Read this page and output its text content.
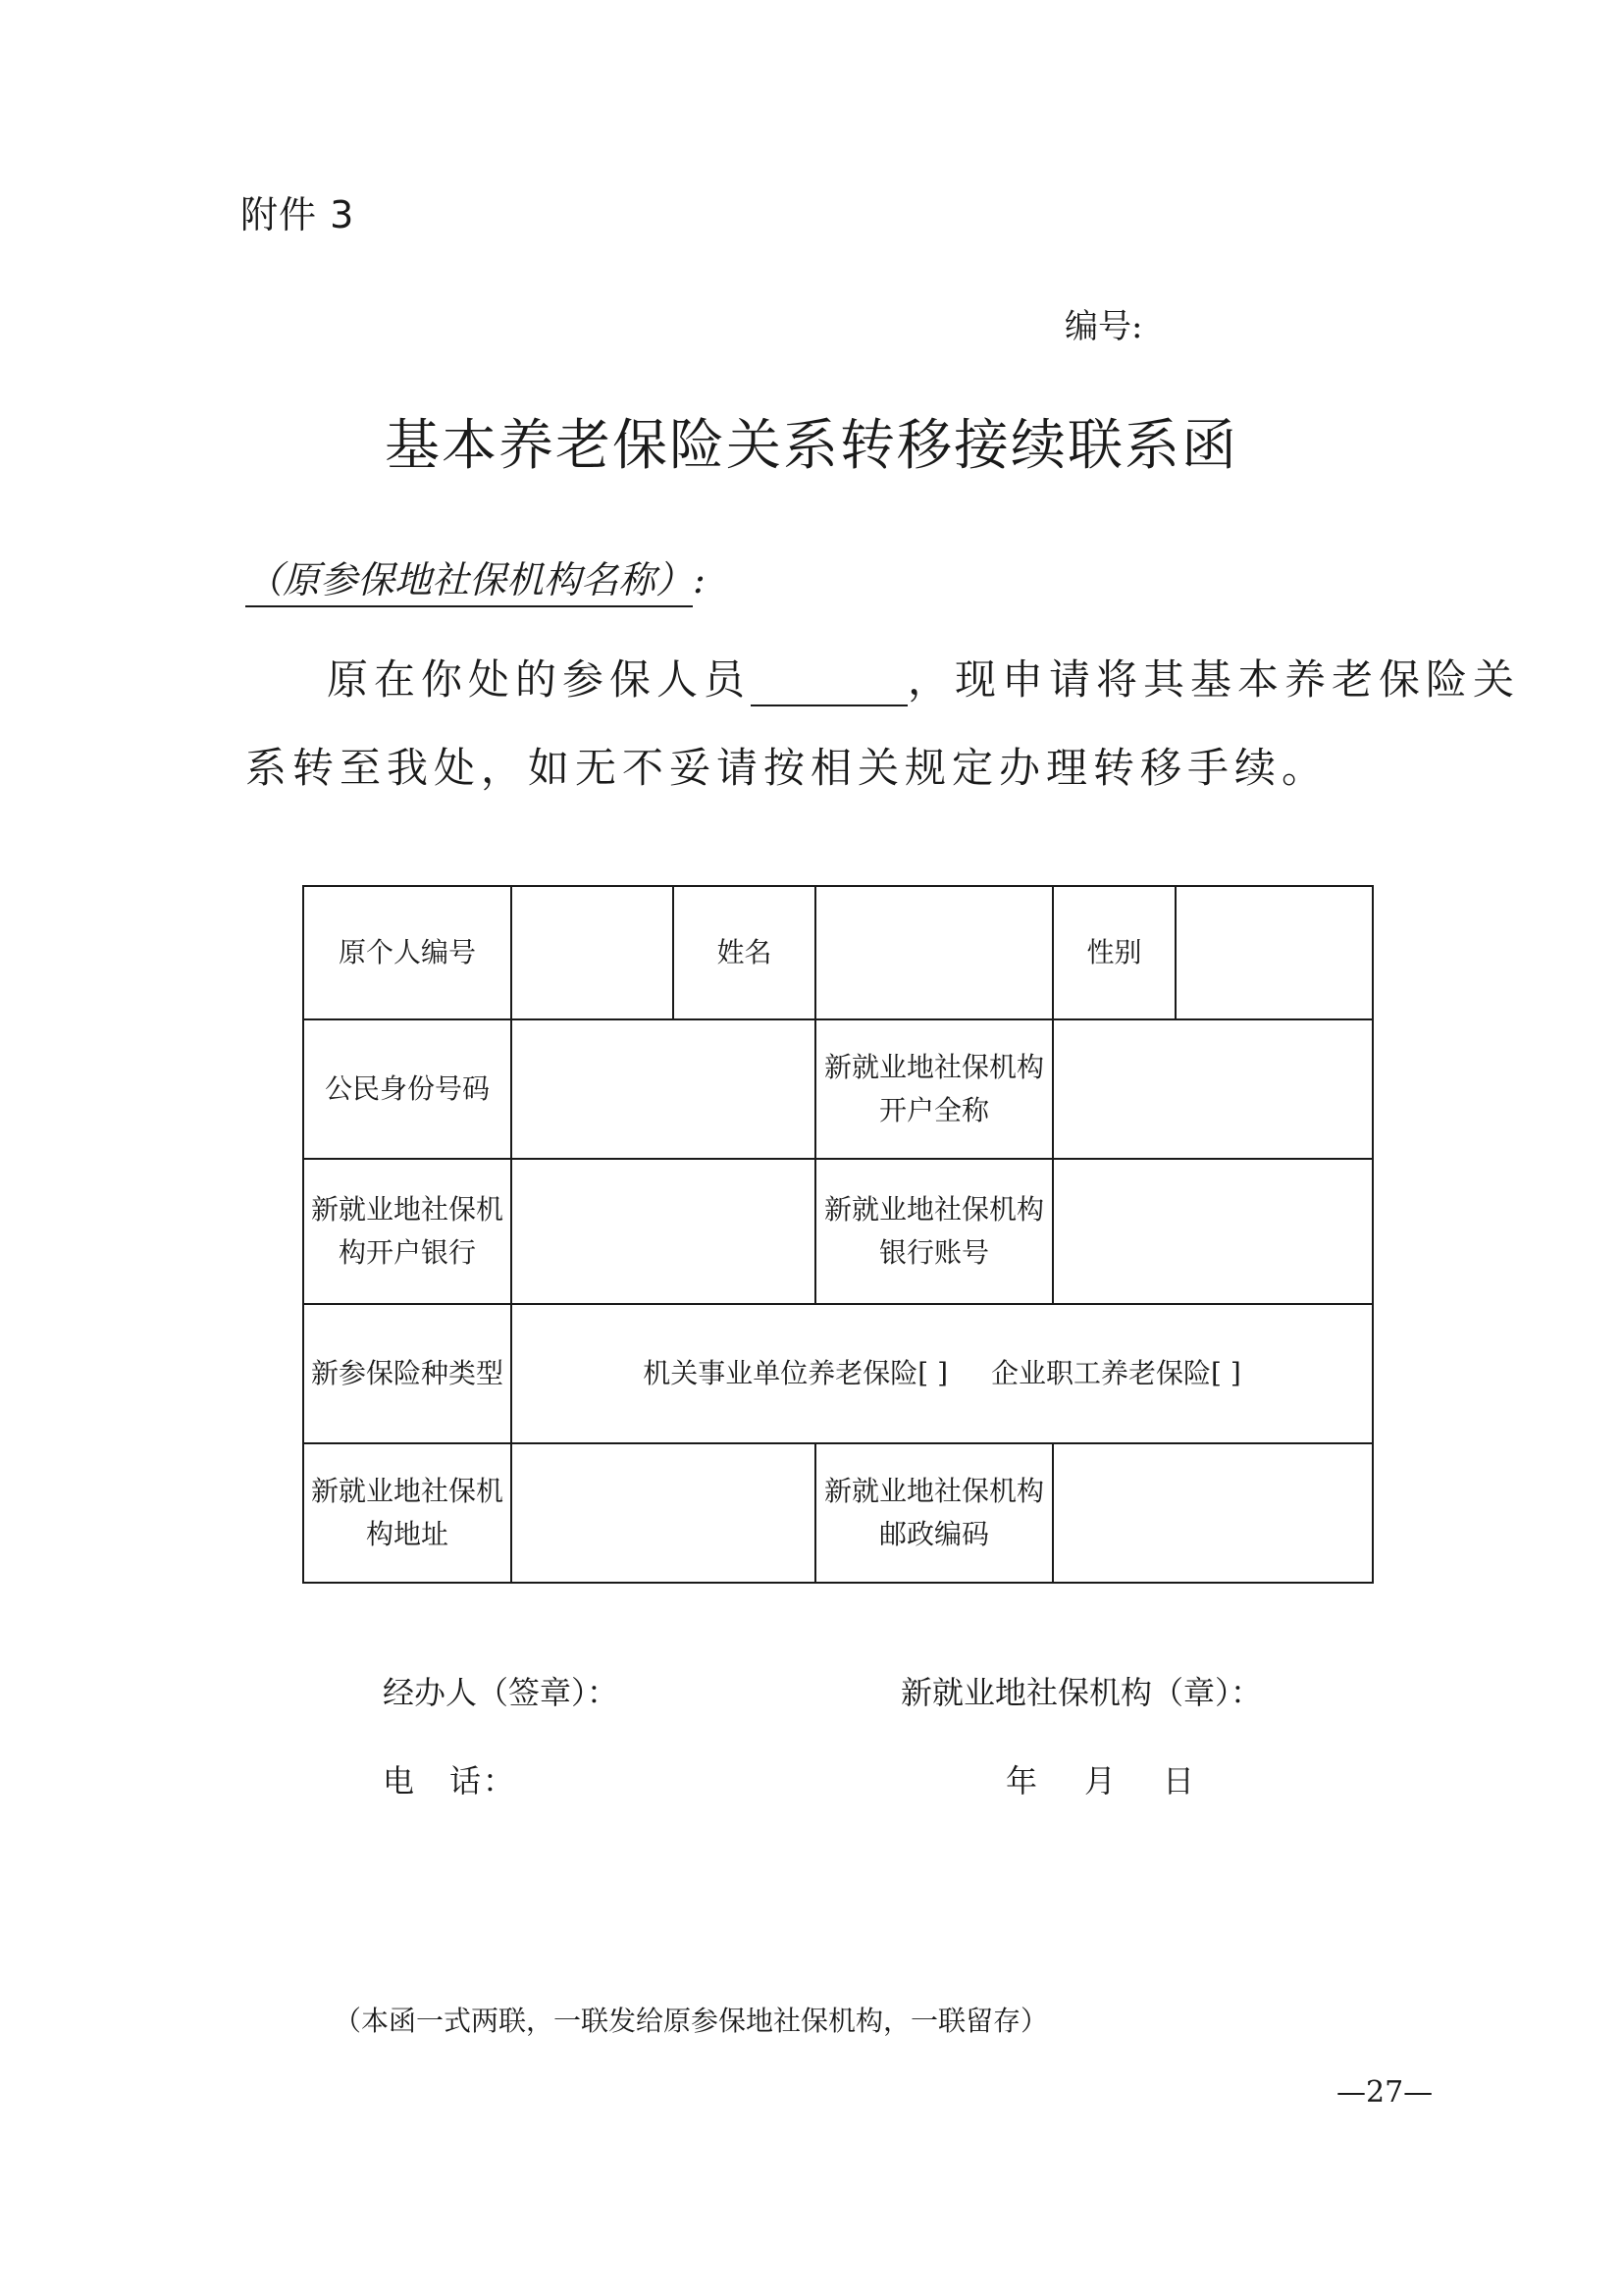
附件 3
编号:
基本养老保险关系转移接续联系函
（原参保地社保机构名称）:
原在你处的参保人员	，现申请将其基本养老保险关
系转至我处，如无不妥请按相关规定办理转移手续。
原个人编号		姓名		性别	
公民身份号码			新就业地社保机构开户全称		
新就业地社保机构开户银行			新就业地社保机构银行账号		
新参保险种类型	机关事业单位养老保险[ ] 企业职工养老保险[ ]				
新就业地社保机构地址			新就业地社保机构邮政编码		
经办人（签章）：	新就业地社保机构（章）：
电　话：	年 月 日
（本函一式两联，一联发给原参保地社保机构，一联留存）
—27—
